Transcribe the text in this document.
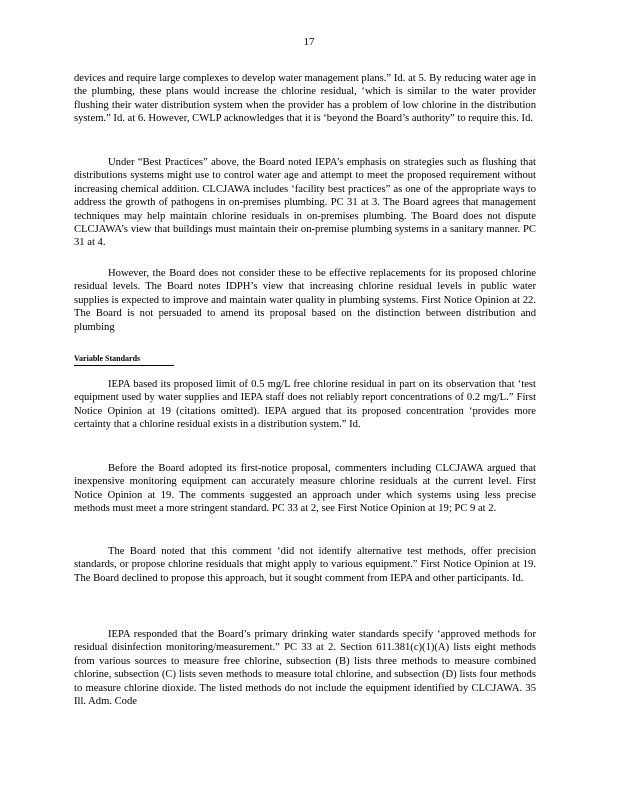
17

devices and require large complexes to develop water management plans.” Id. at 5. By reducing water age in the plumbing, these plans would increase the chlorine residual, ‘which is similar to the water provider flushing their water distribution system when the provider has a problem of low chlorine in the distribution system.” Id. at 6. However, CWLP acknowledges that it is ‘beyond the Board’s authority” to require this. Id.

Under “Best Practices” above, the Board noted IEPA’s emphasis on strategies such as flushing that distributions systems might use to control water age and attempt to meet the proposed requirement without increasing chemical addition. CLCJAWA includes ‘facility best practices” as one of the appropriate ways to address the growth of pathogens in on-premises plumbing. PC 31 at 3. The Board agrees that management techniques may help maintain chlorine residuals in on-premises plumbing. The Board does not dispute CLCJAWA’s view that buildings must maintain their on-premise plumbing systems in a sanitary manner. PC 31 at 4.

However, the Board does not consider these to be effective replacements for its proposed chlorine residual levels. The Board notes IDPH’s view that increasing chlorine residual levels in public water supplies is expected to improve and maintain water quality in plumbing systems. First Notice Opinion at 22. The Board is not persuaded to amend its proposal based on the distinction between distribution and plumbing

Variable Standards

IEPA based its proposed limit of 0.5 mg/L free chlorine residual in part on its observation that ‘test equipment used by water supplies and IEPA staff does not reliably report concentrations of 0.2 mg/L.” First Notice Opinion at 19 (citations omitted). IEPA argued that its proposed concentration ‘provides more certainty that a chlorine residual exists in a distribution system.” Id.

Before the Board adopted its first-notice proposal, commenters including CLCJAWA argued that inexpensive monitoring equipment can accurately measure chlorine residuals at the current level. First Notice Opinion at 19. The comments suggested an approach under which systems using less precise methods must meet a more stringent standard. PC 33 at 2, see First Notice Opinion at 19; PC 9 at 2.

The Board noted that this comment ‘did not identify alternative test methods, offer precision standards, or propose chlorine residuals that might apply to various equipment.” First Notice Opinion at 19. The Board declined to propose this approach, but it sought comment from IEPA and other participants. Id.

IEPA responded that the Board’s primary drinking water standards specify ‘approved methods for residual disinfection monitoring/measurement.” PC 33 at 2. Section 611.381(c)(1)(A) lists eight methods from various sources to measure free chlorine, subsection (B) lists three methods to measure combined chlorine, subsection (C) lists seven methods to measure total chlorine, and subsection (D) lists four methods to measure chlorine dioxide. The listed methods do not include the equipment identified by CLCJAWA. 35 Ill. Adm. Code
